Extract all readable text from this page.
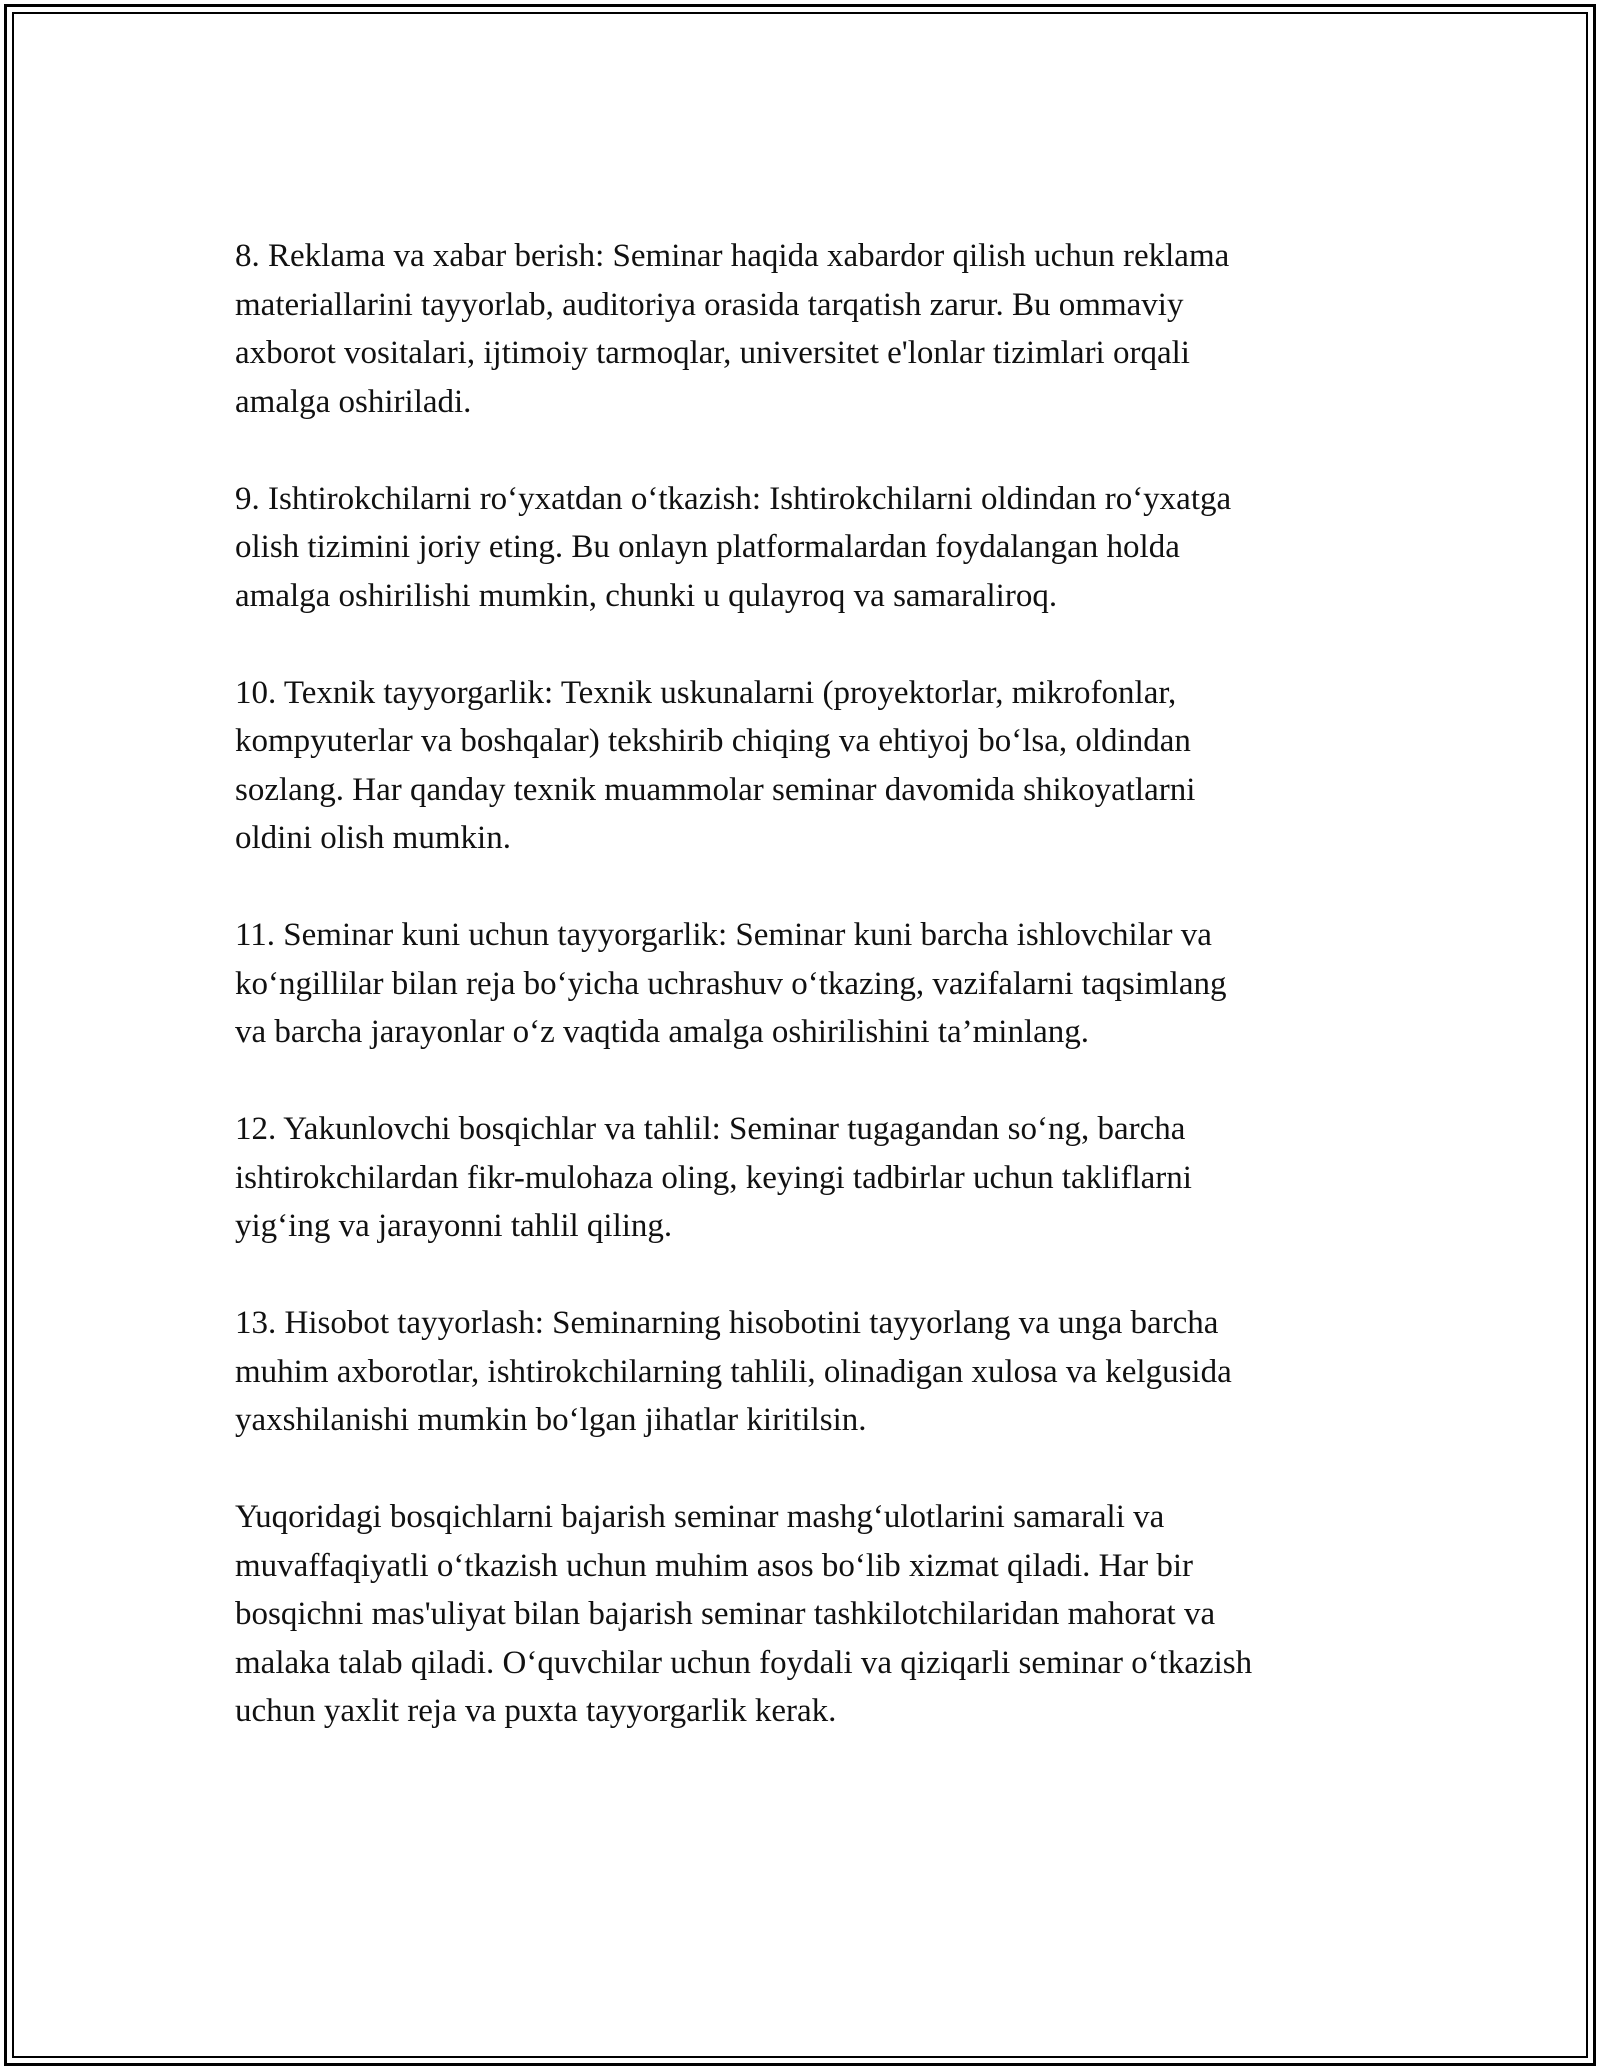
8. Reklama va xabar berish: Seminar haqida xabardor qilish uchun reklama
materiallarini tayyorlab, auditoriya orasida tarqatish zarur. Bu ommaviy
axborot vositalari, ijtimoiy tarmoqlar, universitet e'lonlar tizimlari orqali
amalga oshiriladi.

9. Ishtirokchilarni ro‘yxatdan o‘tkazish: Ishtirokchilarni oldindan ro‘yxatga
olish tizimini joriy eting. Bu onlayn platformalardan foydalangan holda
amalga oshirilishi mumkin, chunki u qulayroq va samaraliroq.

10. Texnik tayyorgarlik: Texnik uskunalarni (proyektorlar, mikrofonlar,
kompyuterlar va boshqalar) tekshirib chiqing va ehtiyoj bo‘lsa, oldindan
sozlang. Har qanday texnik muammolar seminar davomida shikoyatlarni
oldini olish mumkin.

11. Seminar kuni uchun tayyorgarlik: Seminar kuni barcha ishlovchilar va
ko‘ngillilar bilan reja bo‘yicha uchrashuv o‘tkazing, vazifalarni taqsimlang
va barcha jarayonlar o‘z vaqtida amalga oshirilishini ta’minlang.

12. Yakunlovchi bosqichlar va tahlil: Seminar tugagandan so‘ng, barcha
ishtirokchilardan fikr-mulohaza oling, keyingi tadbirlar uchun takliflarni
yig‘ing va jarayonni tahlil qiling.

13. Hisobot tayyorlash: Seminarning hisobotini tayyorlang va unga barcha
muhim axborotlar, ishtirokchilarning tahlili, olinadigan xulosa va kelgusida
yaxshilanishi mumkin bo‘lgan jihatlar kiritilsin.

Yuqoridagi bosqichlarni bajarish seminar mashg‘ulotlarini samarali va
muvaffaqiyatli o‘tkazish uchun muhim asos bo‘lib xizmat qiladi. Har bir
bosqichni mas'uliyat bilan bajarish seminar tashkilotchilaridan mahorat va
malaka talab qiladi. O‘quvchilar uchun foydali va qiziqarli seminar o‘tkazish
uchun yaxlit reja va puxta tayyorgarlik kerak.
